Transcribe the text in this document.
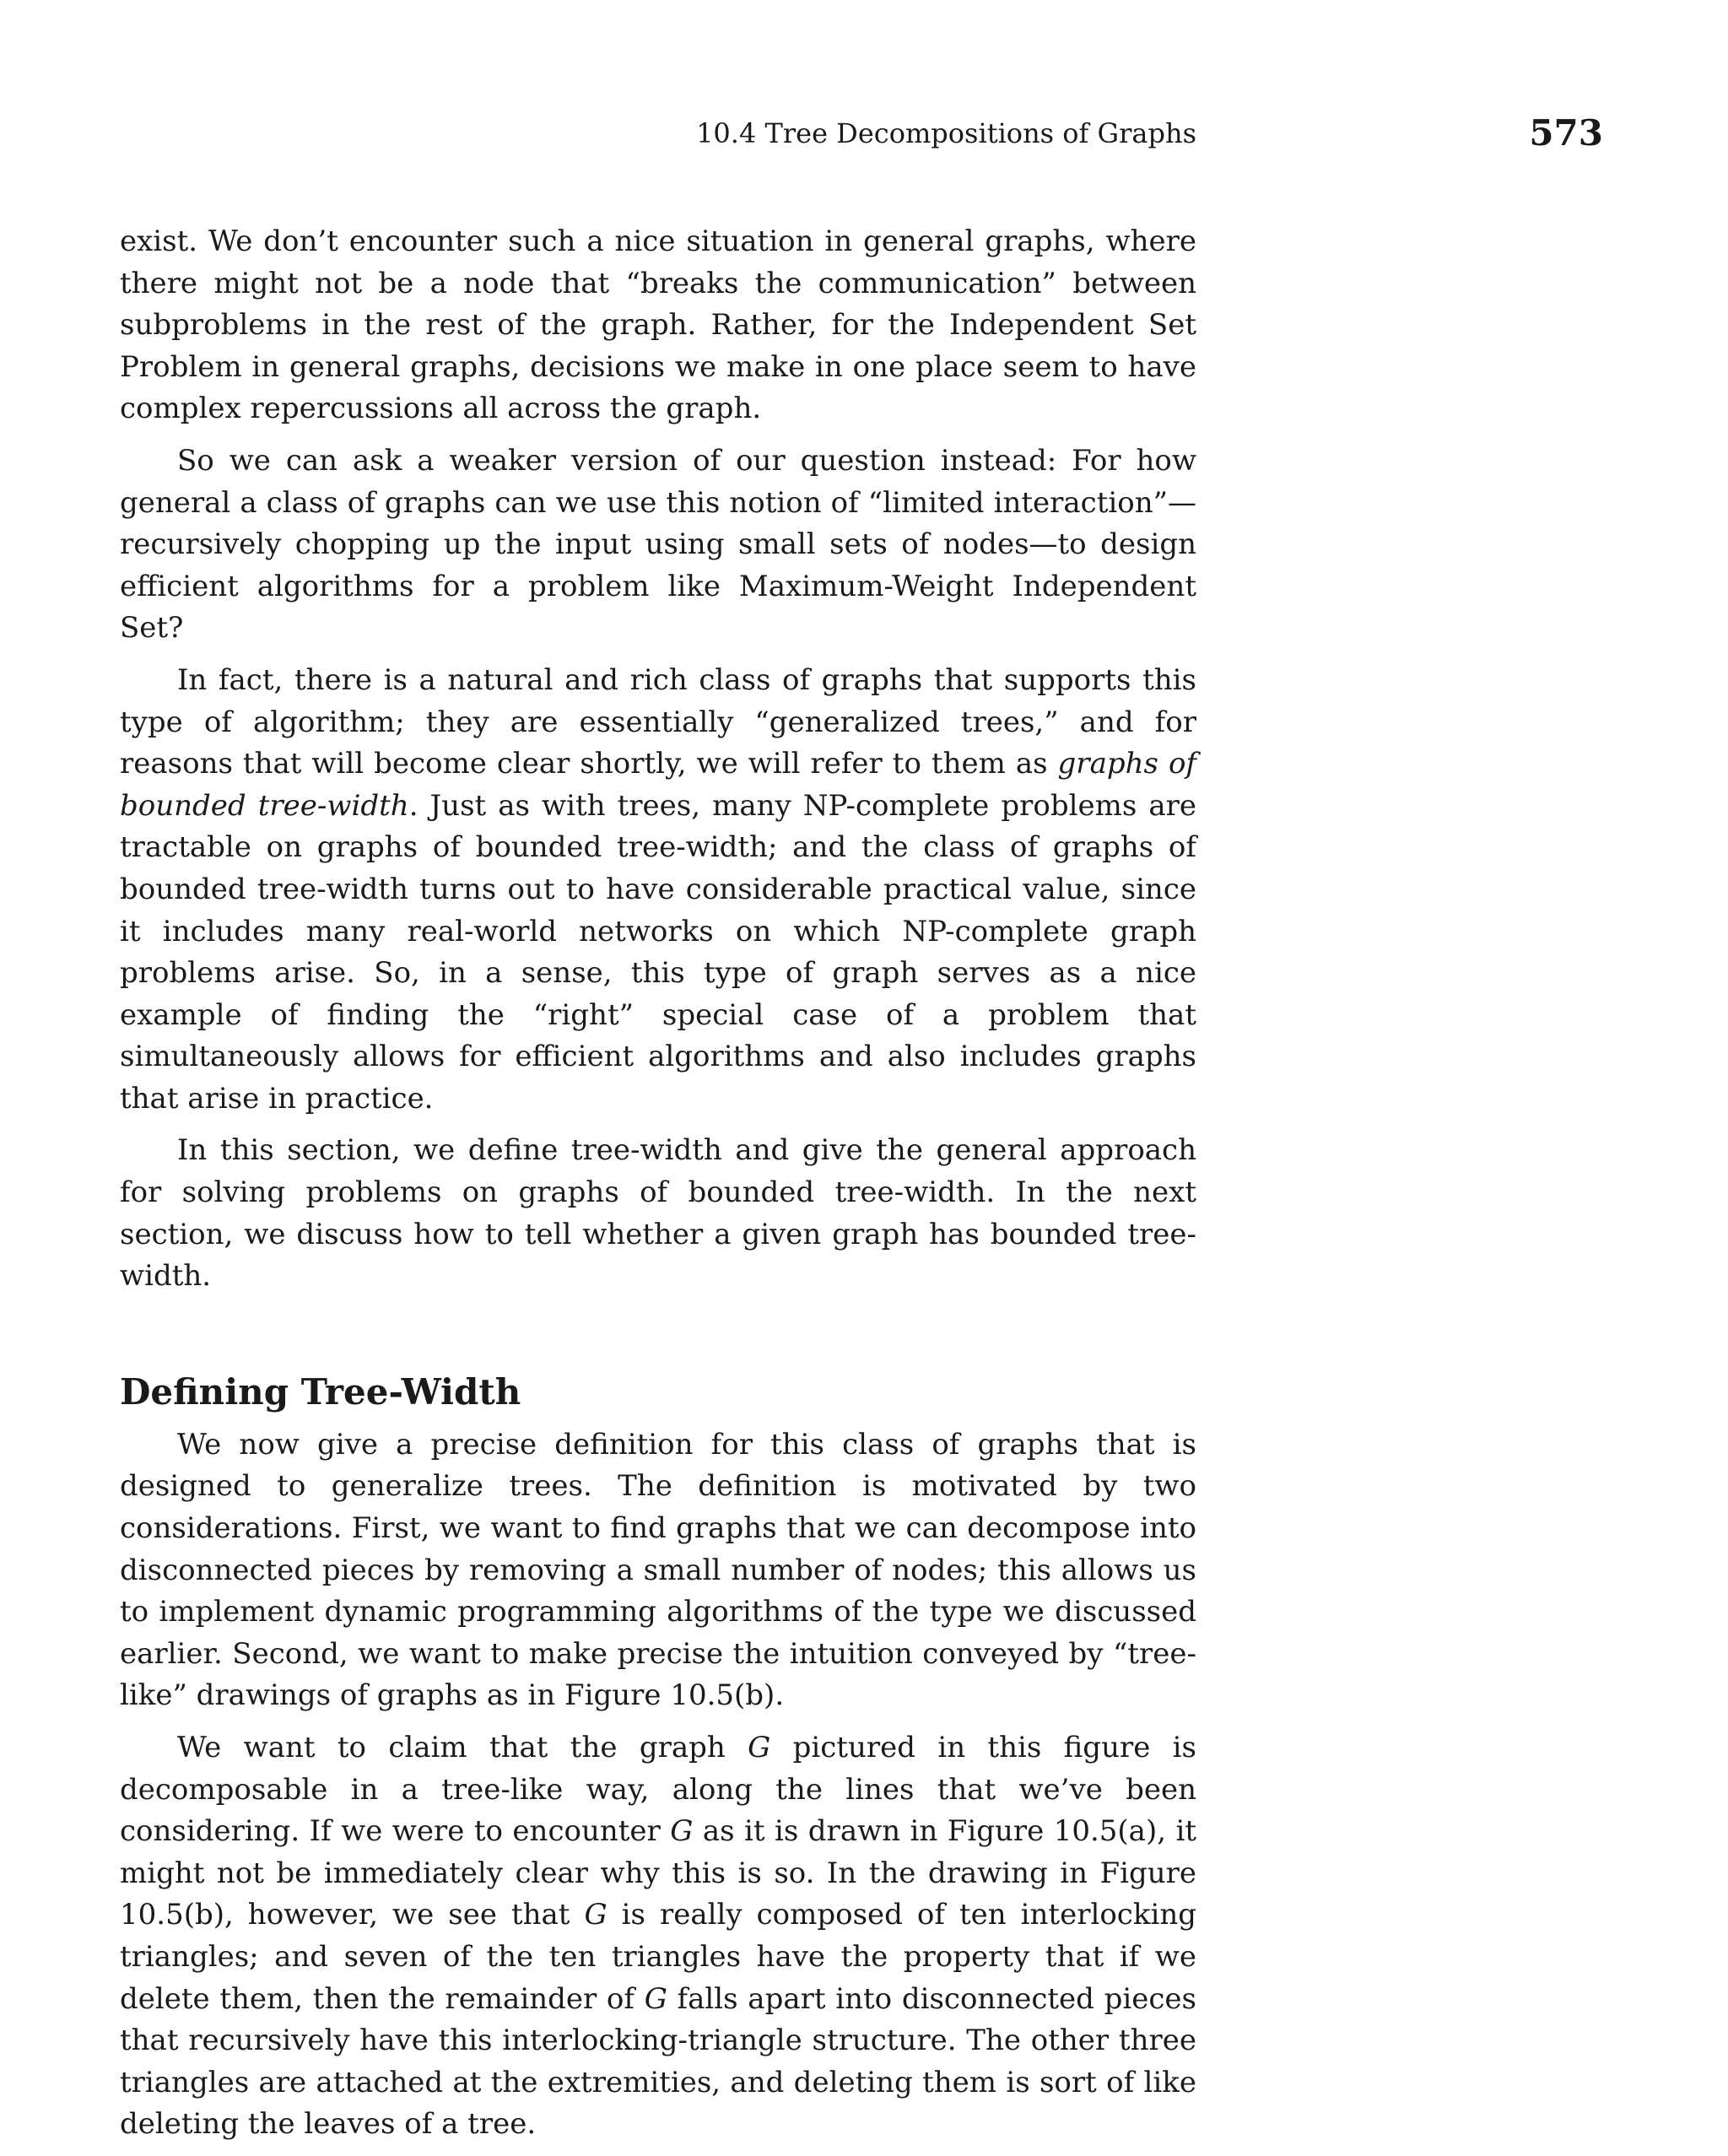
10.4 Tree Decompositions of Graphs	573

exist. We don’t encounter such a nice situation in general graphs, where there might not be a node that “breaks the communication” between subproblems in the rest of the graph. Rather, for the Independent Set Problem in general graphs, decisions we make in one place seem to have complex repercussions all across the graph.

So we can ask a weaker version of our question instead: For how general a class of graphs can we use this notion of “limited interaction”—recursively chopping up the input using small sets of nodes—to design efficient algorithms for a problem like Maximum-Weight Independent Set?

In fact, there is a natural and rich class of graphs that supports this type of algorithm; they are essentially “generalized trees,” and for reasons that will become clear shortly, we will refer to them as graphs of bounded tree-width. Just as with trees, many NP-complete problems are tractable on graphs of bounded tree-width; and the class of graphs of bounded tree-width turns out to have considerable practical value, since it includes many real-world networks on which NP-complete graph problems arise. So, in a sense, this type of graph serves as a nice example of finding the “right” special case of a problem that simultaneously allows for efficient algorithms and also includes graphs that arise in practice.

In this section, we define tree-width and give the general approach for solving problems on graphs of bounded tree-width. In the next section, we discuss how to tell whether a given graph has bounded tree-width.

Defining Tree-Width

We now give a precise definition for this class of graphs that is designed to generalize trees. The definition is motivated by two considerations. First, we want to find graphs that we can decompose into disconnected pieces by removing a small number of nodes; this allows us to implement dynamic programming algorithms of the type we discussed earlier. Second, we want to make precise the intuition conveyed by “tree-like” drawings of graphs as in Figure 10.5(b).

We want to claim that the graph G pictured in this figure is decomposable in a tree-like way, along the lines that we’ve been considering. If we were to encounter G as it is drawn in Figure 10.5(a), it might not be immediately clear why this is so. In the drawing in Figure 10.5(b), however, we see that G is really composed of ten interlocking triangles; and seven of the ten triangles have the property that if we delete them, then the remainder of G falls apart into disconnected pieces that recursively have this interlocking-triangle structure. The other three triangles are attached at the extremities, and deleting them is sort of like deleting the leaves of a tree.
